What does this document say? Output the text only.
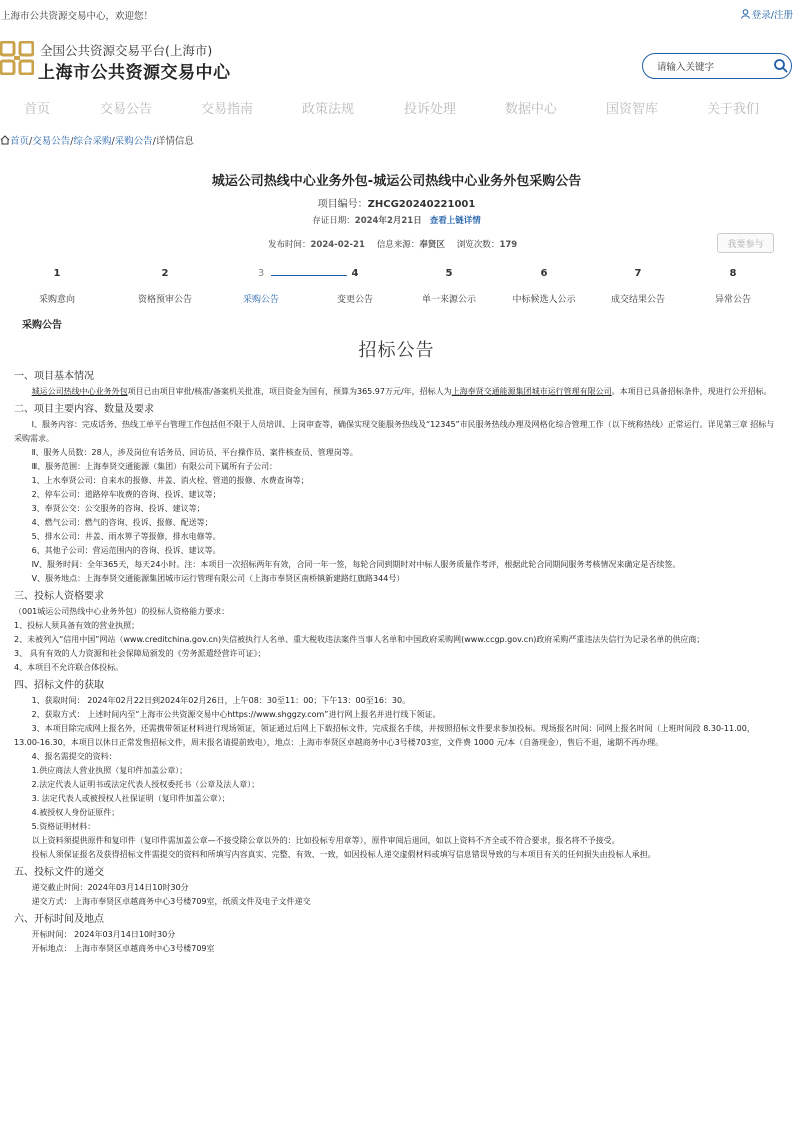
上海市公共资源交易中心，欢迎您！	登录/注册
全国公共资源交易平台(上海市)
上海市公共资源交易中心
请输入关键字
首页	交易公告	交易指南	政策法规	投诉处理	数据中心	国资智库	关于我们
首页/交易公告/综合采购/采购公告/详情信息
城运公司热线中心业务外包-城运公司热线中心业务外包采购公告
项目编号：ZHCG20240221001
存证日期：2024年2月21日 查看上链详情
发布时间：2024-02-21 信息来源：奉贤区 浏览次数：179	我要参与
1
采购意向
2
资格预审公告
3
采购公告
4
变更公告
5
单一来源公示
6
中标候选人公示
7
成交结果公告
8
异常公告
采购公告
招标公告

一、项目基本情况

城运公司热线中心业务外包项目已由项目审批/核准/备案机关批准，项目资金为国有，预算为365.97万元/年，招标人为上海奉贤交通能源集团城市运行管理有限公司。本项目已具备招标条件，现进行公开招标。

二、项目主要内容、数量及要求

Ⅰ、服务内容：完成话务、热线工单平台管理工作包括但不限于人员培训、上岗审查等，确保实现交能服务热线及“12345”市民服务热线办理及网格化综合管理工作（以下统称热线）正常运行。详见第三章 招标与采购需求。

Ⅱ、服务人员数：28人，涉及岗位有话务员、回访员、平台操作员、案件核查员、管理岗等。

Ⅲ、服务范围：上海奉贤交通能源（集团）有限公司下属所有子公司：

1、上水奉贤公司：自来水的报修、井盖、消火栓、管道的报修、水费查询等；

2、停车公司：道路停车收费的咨询、投诉、建议等；

3、奉贤公交：公交服务的咨询、投诉、建议等；

4、燃气公司：燃气的咨询、投诉、报修、配送等；

5、排水公司：井盖、雨水箅子等报修，排水电修等。

6、其他子公司：营运范围内的咨询、投诉、建议等。

Ⅳ、服务时间：全年365天，每天24小时。注：本项目一次招标两年有效，合同一年一签，每轮合同到期时对中标人服务质量作考评，根据此轮合同期间服务考核情况来确定是否续签。

Ⅴ、服务地点：上海奉贤交通能源集团城市运行管理有限公司（上海市奉贤区南桥镇新建路红旗路344号）

三、投标人资格要求

（001城运公司热线中心业务外包）的投标人资格能力要求：

1、投标人须具备有效的营业执照；

2、未被列入“信用中国”网站（www.creditchina.gov.cn)失信被执行人名单、重大税收违法案件当事人名单和中国政府采购网(www.ccgp.gov.cn)政府采购严重违法失信行为记录名单的供应商；

3、 具有有效的人力资源和社会保障局颁发的《劳务派遣经营许可证》；

4、本项目不允许联合体投标。

四、招标文件的获取

1、获取时间： 2024年02月22日到2024年02月26日，上午08：30至11：00；下午13：00至16：30。

2、获取方式： 上述时间内至“上海市公共资源交易中心https://www.shggzy.com”进行网上报名并进行线下领证。

3、本项目除完成网上报名外，还需携带领证材料进行现场领证，领证通过后网上下载招标文件，完成报名手续，并按照招标文件要求参加投标。现场报名时间：同网上报名时间（上班时间段 8.30-11.00，13.00-16.30，本项目以休日正常发售招标文件，周末报名请提前致电），地点：上海市奉贤区卓越商务中心3号楼703室，文件费 1000 元/本（自备现金），售后不退，逾期不再办理。

4、报名需提交的资料：

1.供应商法人营业执照（复印件加盖公章）；

2.法定代表人证明书或法定代表人授权委托书（公章及法人章）；

3. 法定代表人或被授权人社保证明（复印件加盖公章）；

4.被授权人身份证原件；

5.资格证明材料：

以上资料须提供原件和复印件（复印件需加盖公章—不接受除公章以外的：比如投标专用章等），原件审阅后退回，如以上资料不齐全或不符合要求，报名将不予接受。

投标人须保证报名及获得招标文件需提交的资料和所填写内容真实、完整、有效、一致，如因投标人递交虚假材料或填写信息错误导致的与本项目有关的任何损失由投标人承担。

五、投标文件的递交

递交截止时间：2024年03月14日10时30分

递交方式： 上海市奉贤区卓越商务中心3号楼709室，纸质文件及电子文件递交

六、开标时间及地点

开标时间： 2024年03月14日10时30分

开标地点： 上海市奉贤区卓越商务中心3号楼709室
